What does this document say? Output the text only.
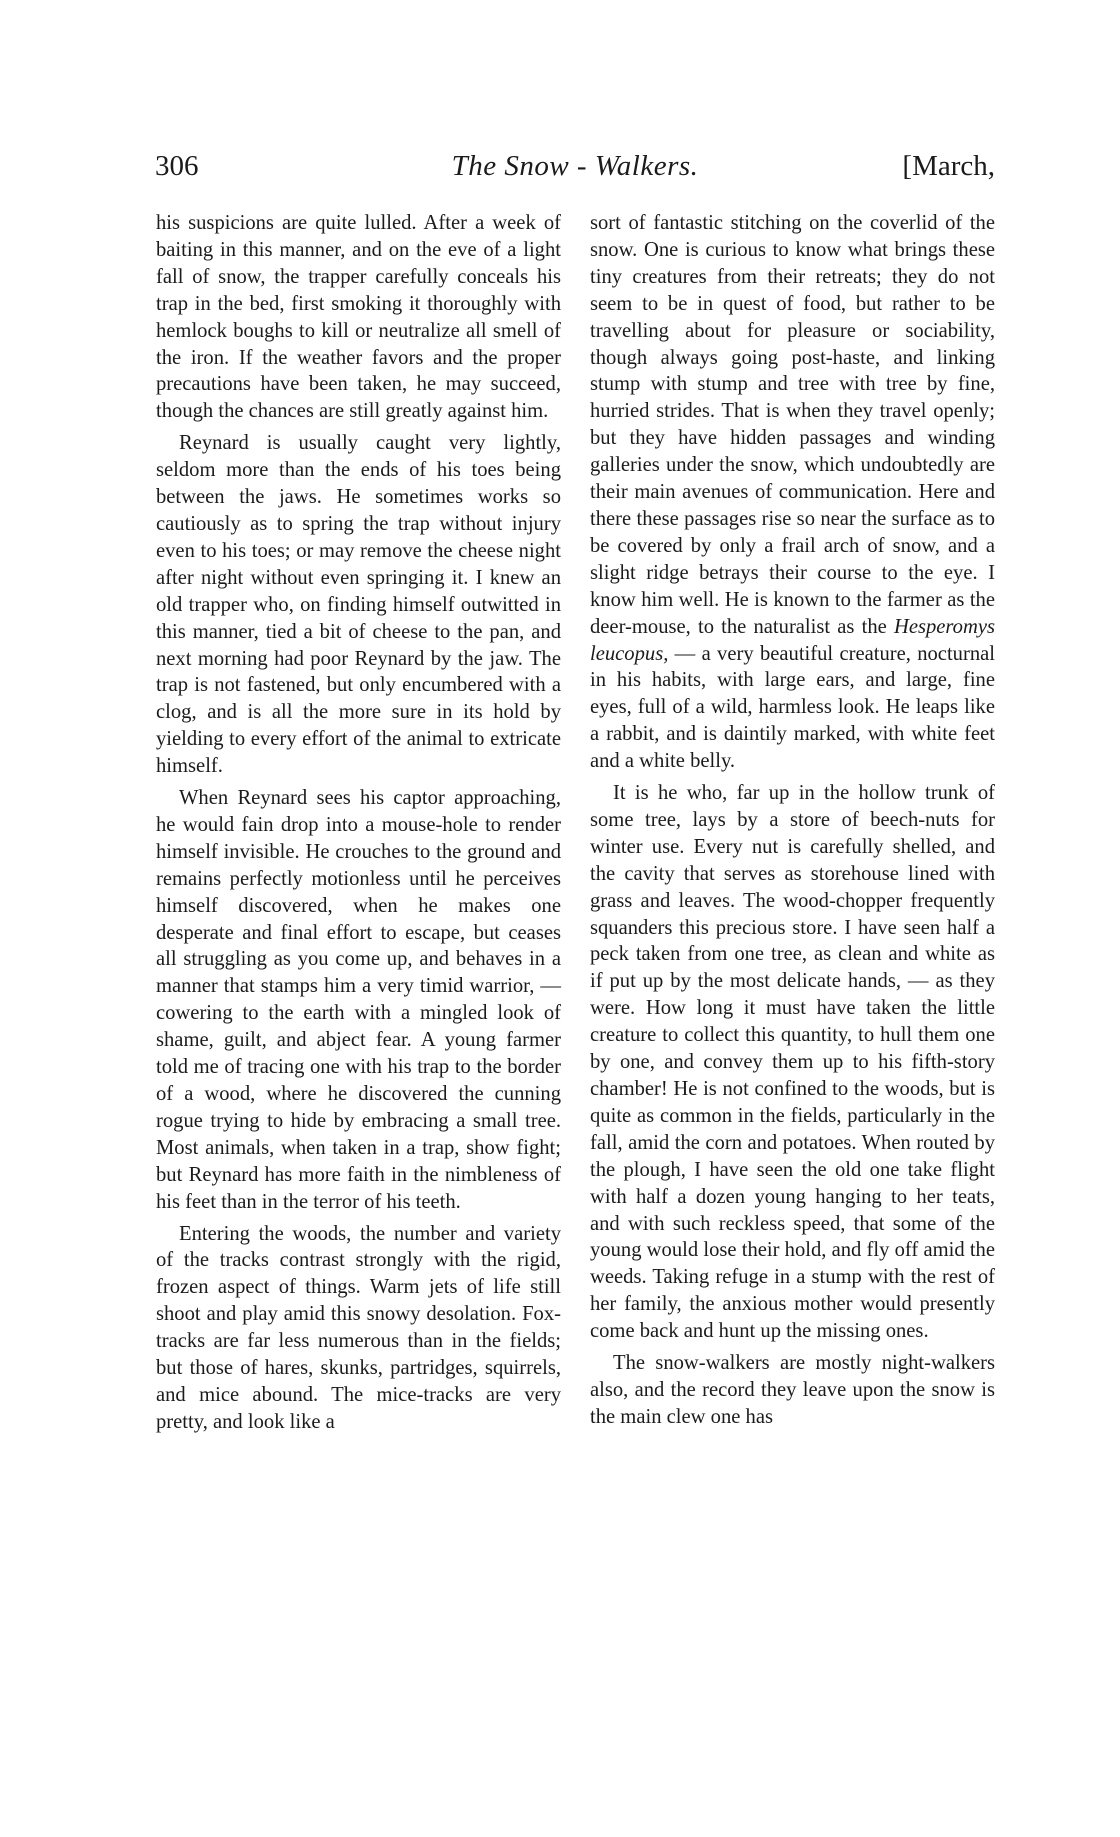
306	The Snow - Walkers.	[March,

his suspicions are quite lulled. After a week of baiting in this manner, and on the eve of a light fall of snow, the trapper carefully conceals his trap in the bed, first smoking it thoroughly with hemlock boughs to kill or neutralize all smell of the iron. If the weather favors and the proper precautions have been taken, he may succeed, though the chances are still greatly against him.

Reynard is usually caught very lightly, seldom more than the ends of his toes being between the jaws. He sometimes works so cautiously as to spring the trap without injury even to his toes; or may remove the cheese night after night without even springing it. I knew an old trapper who, on finding himself outwitted in this manner, tied a bit of cheese to the pan, and next morning had poor Reynard by the jaw. The trap is not fastened, but only encumbered with a clog, and is all the more sure in its hold by yielding to every effort of the animal to extricate himself.

When Reynard sees his captor approaching, he would fain drop into a mouse-hole to render himself invisible. He crouches to the ground and remains perfectly motionless until he perceives himself discovered, when he makes one desperate and final effort to escape, but ceases all struggling as you come up, and behaves in a manner that stamps him a very timid warrior, — cowering to the earth with a mingled look of shame, guilt, and abject fear. A young farmer told me of tracing one with his trap to the border of a wood, where he discovered the cunning rogue trying to hide by embracing a small tree. Most animals, when taken in a trap, show fight; but Reynard has more faith in the nimbleness of his feet than in the terror of his teeth.

Entering the woods, the number and variety of the tracks contrast strongly with the rigid, frozen aspect of things. Warm jets of life still shoot and play amid this snowy desolation. Fox-tracks are far less numerous than in the fields; but those of hares, skunks, partridges, squirrels, and mice abound. The mice-tracks are very pretty, and look like a

sort of fantastic stitching on the coverlid of the snow. One is curious to know what brings these tiny creatures from their retreats; they do not seem to be in quest of food, but rather to be travelling about for pleasure or sociability, though always going post-haste, and linking stump with stump and tree with tree by fine, hurried strides. That is when they travel openly; but they have hidden passages and winding galleries under the snow, which undoubtedly are their main avenues of communication. Here and there these passages rise so near the surface as to be covered by only a frail arch of snow, and a slight ridge betrays their course to the eye. I know him well. He is known to the farmer as the deer-mouse, to the naturalist as the Hesperomys leucopus, — a very beautiful creature, nocturnal in his habits, with large ears, and large, fine eyes, full of a wild, harmless look. He leaps like a rabbit, and is daintily marked, with white feet and a white belly.

It is he who, far up in the hollow trunk of some tree, lays by a store of beech-nuts for winter use. Every nut is carefully shelled, and the cavity that serves as storehouse lined with grass and leaves. The wood-chopper frequently squanders this precious store. I have seen half a peck taken from one tree, as clean and white as if put up by the most delicate hands, — as they were. How long it must have taken the little creature to collect this quantity, to hull them one by one, and convey them up to his fifth-story chamber! He is not confined to the woods, but is quite as common in the fields, particularly in the fall, amid the corn and potatoes. When routed by the plough, I have seen the old one take flight with half a dozen young hanging to her teats, and with such reckless speed, that some of the young would lose their hold, and fly off amid the weeds. Taking refuge in a stump with the rest of her family, the anxious mother would presently come back and hunt up the missing ones.

The snow-walkers are mostly night-walkers also, and the record they leave upon the snow is the main clew one has
